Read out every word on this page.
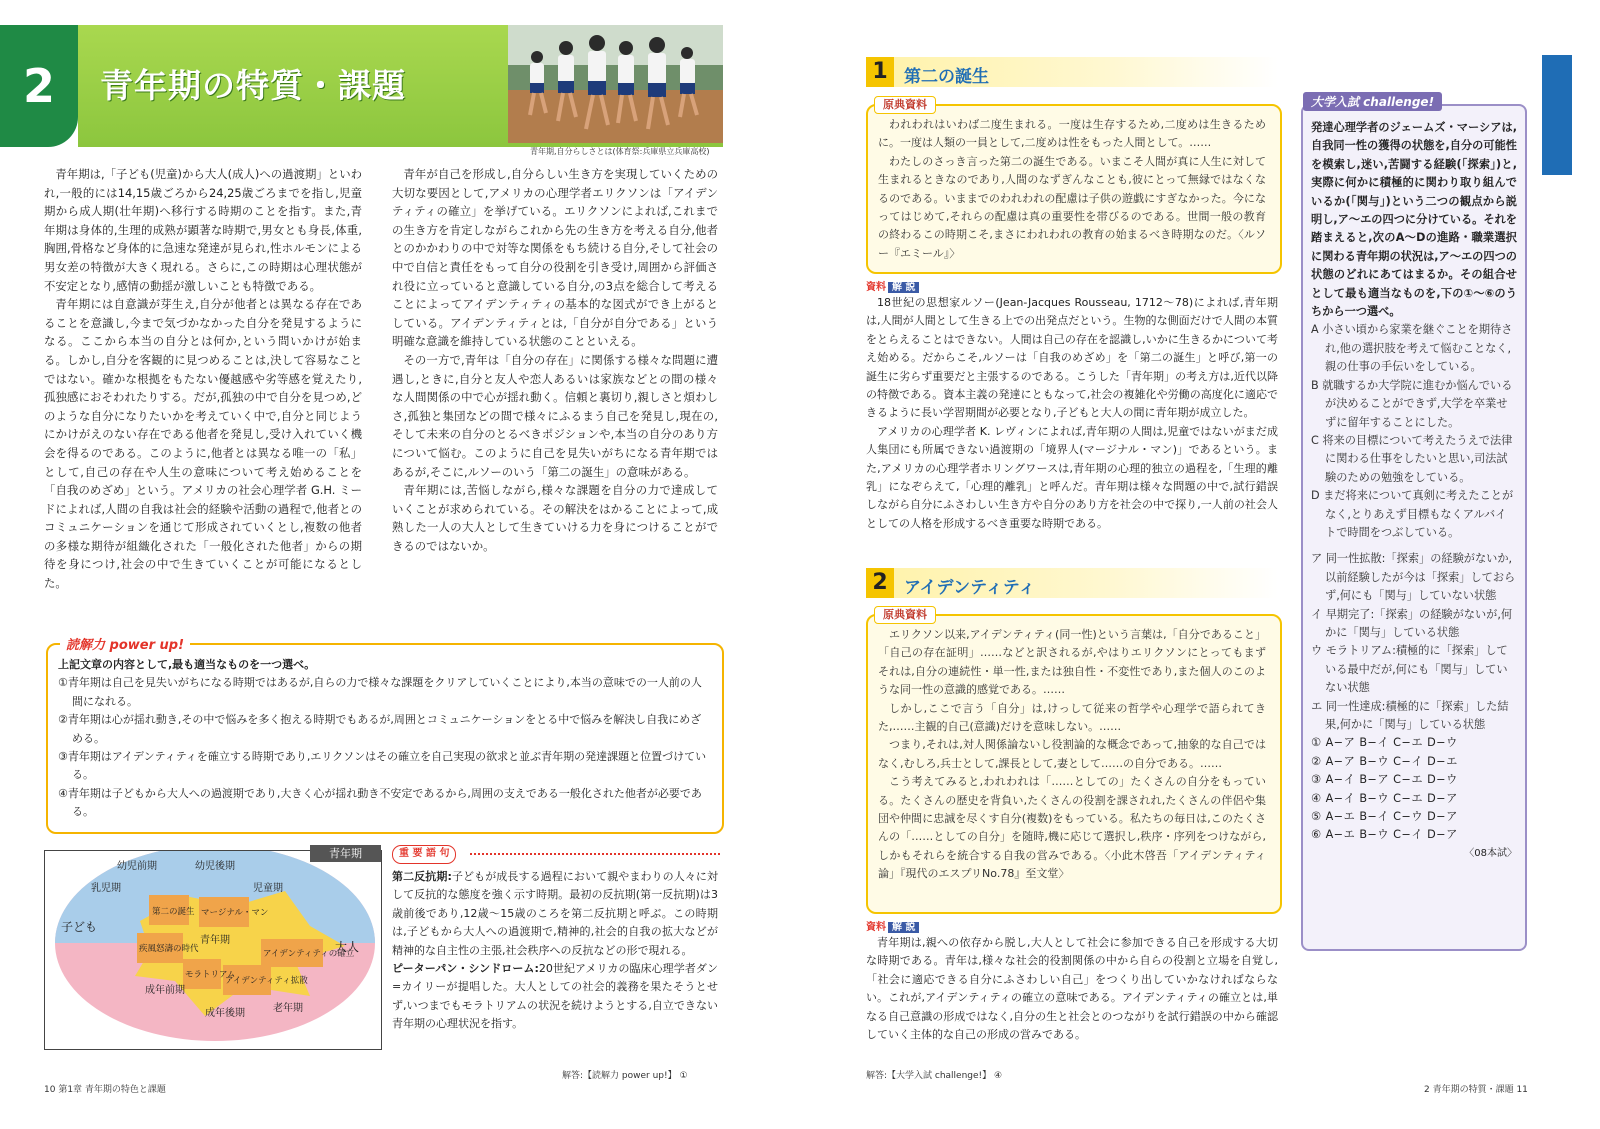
2	青年期の特質・課題
青年期,自分らしさとは(体育祭:兵庫県立兵庫高校)

青年期は,「子ども(児童)から大人(成人)への過渡期」といわれ,一般的には14,15歳ごろから24,25歳ごろまでを指し,児童期から成人期(壮年期)へ移行する時期のことを指す。また,青年期は身体的,生理的成熟が顕著な時期で,男女とも身長,体重,胸囲,骨格など身体的に急速な発達が見られ,性ホルモンによる男女差の特徴が大きく現れる。さらに,この時期は心理状態が不安定となり,感情の動揺が激しいことも特徴である。

青年期には自意識が芽生え,自分が他者とは異なる存在であることを意識し,今まで気づかなかった自分を発見するようになる。ここから本当の自分とは何か,という問いかけが始まる。しかし,自分を客観的に見つめることは,決して容易なことではない。確かな根拠をもたない優越感や劣等感を覚えたり,孤独感におそわれたりする。だが,孤独の中で自分を見つめ,どのような自分になりたいかを考えていく中で,自分と同じようにかけがえのない存在である他者を発見し,受け入れていく機会を得るのである。このように,他者とは異なる唯一の「私」として,自己の存在や人生の意味について考え始めることを「自我のめざめ」という。アメリカの社会心理学者 G.H. ミードによれば,人間の自我は社会的経験や活動の過程で,他者とのコミュニケーションを通じて形成されていくとし,複数の他者の多様な期待が組織化された「一般化された他者」からの期待を身につけ,社会の中で生きていくことが可能になるとした。

青年が自己を形成し,自分らしい生き方を実現していくための大切な要因として,アメリカの心理学者エリクソンは「アイデンティティの確立」を挙げている。エリクソンによれば,これまでの生き方を肯定しながらこれから先の生き方を考える自分,他者とのかかわりの中で対等な関係をもち続ける自分,そして社会の中で自信と責任をもって自分の役割を引き受け,周囲から評価され役に立っていると意識している自分,の3点を総合して考えることによってアイデンティティの基本的な図式ができ上がるとしている。アイデンティティとは,「自分が自分である」という明確な意識を維持している状態のことといえる。

その一方で,青年は「自分の存在」に関係する様々な問題に遭遇し,ときに,自分と友人や恋人あるいは家族などとの間の様々な人間関係の中で心が揺れ動く。信頼と裏切り,親しさと煩わしさ,孤独と集団などの間で様々にふるまう自己を発見し,現在の,そして未来の自分のとるべきポジションや,本当の自分のあり方について悩む。このように自己を見失いがちになる青年期ではあるが,そこに,ルソーのいう「第二の誕生」の意味がある。

青年期には,苦悩しながら,様々な課題を自分の力で達成していくことが求められている。その解決をはかることによって,成熟した一人の大人として生きていける力を身につけることができるのではないか。

読解力 power up!
上記文章の内容として,最も適当なものを一つ選べ。
①青年期は自己を見失いがちになる時期ではあるが,自らの力で様々な課題をクリアしていくことにより,本当の意味での一人前の人間になれる。
②青年期は心が揺れ動き,その中で悩みを多く抱える時期でもあるが,周囲とコミュニケーションをとる中で悩みを解決し自我にめざめる。
③青年期はアイデンティティを確立する時期であり,エリクソンはその確立を自己実現の欲求と並ぶ青年期の発達課題と位置づけている。
④青年期は子どもから大人への過渡期であり,大きく心が揺れ動き不安定であるから,周囲の支えである一般化された他者が必要である。
幼児前期	幼児後期
乳児期	児童期
子ども
青年期	大人
成年前期
成年後期	老年期
第二の誕生 マージナル・マン
疾風怒濤の時代
モラトリアム
アイデンティティ拡散
アイデンティティの確立
青年期	重 要 語 句
第二反抗期:子どもが成長する過程において親やまわりの人々に対して反抗的な態度を強く示す時期。最初の反抗期(第一反抗期)は3歳前後であり,12歳〜15歳のころを第二反抗期と呼ぶ。この時期は,子どもから大人への過渡期で,精神的,社会的自我の拡大などが精神的な自主性の主張,社会秩序への反抗などの形で現れる。
ピーターパン・シンドローム:20世紀アメリカの臨床心理学者ダン=カイリーが提唱した。大人としての社会的義務を果たそうとせず,いつまでもモラトリアムの状況を続けようとする,自立できない青年期の心理状況を指す。
10 第1章 青年期の特色と課題
解答:【読解力 power up!】 ①
1 第二の誕生
原典資料

われわれはいわば二度生まれる。一度は生存するため,二度めは生きるために。一度は人類の一員として,二度めは性をもった人間として。……

わたしのさっき言った第二の誕生である。いまこそ人間が真に人生に対して生まれるときなのであり,人間のなずぎんなことも,彼にとって無縁ではなくなるのである。いままでのわれわれの配慮は子供の遊戯にすぎなかった。今になってはじめて,それらの配慮は真の重要性を帯びるのである。世間一般の教育の終わるこの時期こそ,まさにわれわれの教育の始まるべき時期なのだ。〈ルソー『エミール』〉

資料 解 説

18世紀の思想家ルソー(Jean-Jacques Rousseau, 1712〜78)によれば,青年期は,人間が人間として生きる上での出発点だという。生物的な側面だけで人間の本質をとらえることはできない。人間は自己の存在を認識し,いかに生きるかについて考え始める。だからこそ,ルソーは「自我のめざめ」を「第二の誕生」と呼び,第一の誕生に劣らず重要だと主張するのである。こうした「青年期」の考え方は,近代以降の特徴である。資本主義の発達にともなって,社会の複雑化や労働の高度化に適応できるように長い学習期間が必要となり,子どもと大人の間に青年期が成立した。

アメリカの心理学者 K. レヴィンによれば,青年期の人間は,児童ではないがまだ成人集団にも所属できない過渡期の「境界人(マージナル・マン)」であるという。また,アメリカの心理学者ホリングワースは,青年期の心理的独立の過程を,「生理的離乳」になぞらえて,「心理的離乳」と呼んだ。青年期は様々な問題の中で,試行錯誤しながら自分にふさわしい生き方や自分のあり方を社会の中で探り,一人前の社会人としての人格を形成するべき重要な時期である。

2 アイデンティティ
原典資料

エリクソン以来,アイデンティティ(同一性)という言葉は,「自分であること」「自己の存在証明」……などと訳されるが,やはりエリクソンにとってもまずそれは,自分の連続性・単一性,または独自性・不変性であり,また個人のこのような同一性の意識的感覚である。……

しかし,ここで言う「自分」は,けっして従来の哲学や心理学で語られてきた,……主観的自己(意識)だけを意味しない。……

つまり,それは,対人関係論ないし役割論的な概念であって,抽象的な自己ではなく,むしろ,兵士として,課長として,妻として……の自分である。……

こう考えてみると,われわれは「……としての」たくさんの自分をもっている。たくさんの歴史を背負い,たくさんの役割を課されれ,たくさんの伴侶や集団や仲間に忠誠を尽くす自分(複数)をもっている。私たちの毎日は,このたくさんの「……としての自分」を随時,機に応じて選択し,秩序・序列をつけながら,しかもそれらを統合する自我の営みである。〈小此木啓吾「アイデンティティ論」『現代のエスプリNo.78』至文堂〉

資料 解 説

青年期は,親への依存から脱し,大人として社会に参加できる自己を形成する大切な時期である。青年は,様々な社会的役割関係の中から自らの役割と立場を自覚し,「社会に適応できる自分にふさわしい自己」をつくり出していかなければならない。これが,アイデンティティの確立の意味である。アイデンティティの確立とは,単なる自己意識の形成ではなく,自分の生と社会とのつながりを試行錯誤の中から確認していく主体的な自己の形成の営みである。

大学入試 challenge!
発達心理学者のジェームズ・マーシアは,自我同一性の獲得の状態を,自分の可能性を模索し,迷い,苦闘する経験(「探索」)と,実際に何かに積極的に関わり取り組んでいるか(「関与」)という二つの観点から説明し,ア〜エの四つに分けている。それを踏まえると,次のA〜Dの進路・職業選択に関わる青年期の状況は,ア〜エの四つの状態のどれにあてはまるか。その組合せとして最も適当なものを,下の①〜⑥のうちから一つ選べ。
A 小さい頃から家業を継ぐことを期待され,他の選択肢を考えて悩むことなく,親の仕事の手伝いをしている。
B 就職するか大学院に進むか悩んでいるが決めることができず,大学を卒業せずに留年することにした。
C 将来の目標について考えたうえで法律に関わる仕事をしたいと思い,司法試験のための勉強をしている。
D まだ将来について真剣に考えたことがなく,とりあえず目標もなくアルバイトで時間をつぶしている。
ア 同一性拡散:「探索」の経験がないか,以前経験したが今は「探索」しておらず,何にも「関与」していない状態
イ 早期完了:「探索」の経験がないが,何かに「関与」している状態
ウ モラトリアム:積極的に「探索」している最中だが,何にも「関与」していない状態
エ 同一性達成:積極的に「探索」した結果,何かに「関与」している状態
① A−ア B−イ C−エ D−ウ
② A−ア B−ウ C−イ D−エ
③ A−イ B−ア C−エ D−ウ
④ A−イ B−ウ C−エ D−ア
⑤ A−エ B−イ C−ウ D−ア
⑥ A−エ B−ウ C−イ D−ア
〈08本試〉
解答:【大学入試 challenge!】 ④
2 青年期の特質・課題 11
